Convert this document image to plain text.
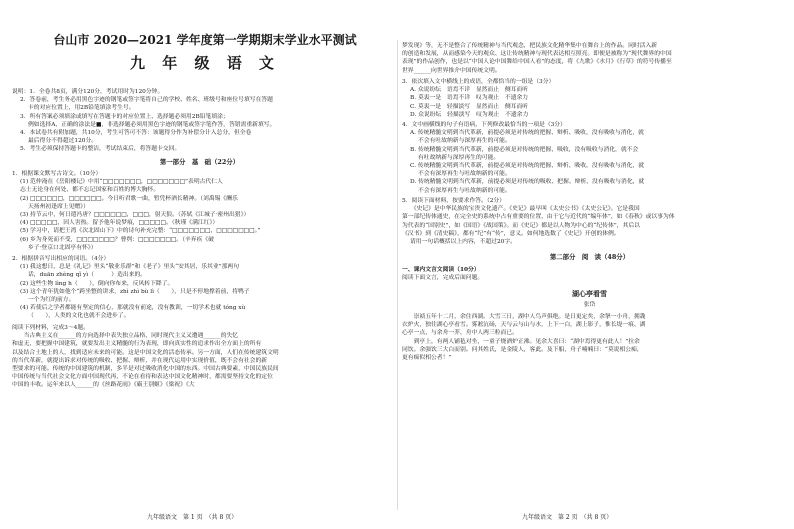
台山市 2020—2021 学年度第一学期期末学业水平测试
九 年 级 语 文
说明：1．全卷共8页，满分120分，考试用时为120分钟。
2．答卷前，考生务必用黑色字迹的钢笔或签字笔将自己的学校、姓名、班级号和座位号填写在答题
卡的对应位置上，用2B铅笔填涂考生号。
3．所有答案必须填涂或填写在答题卡的对应位置上，选择题必须用2B铅笔填涂；
例如选择A，正确的涂法是■，非选择题必须用黑色字迹的钢笔或签字笔作答，答错需重新填写。
4．本试卷共有附加题，共10分，考生可答可不答：该题得分作为补偿分计入总分，但全卷
最后得分不得超过120分。
5．考生必须保持答题卡的整洁，考试结束后，将答题卡交回。
第一部分　基　础（22分）
1．根据课文默写古诗文。（10分）
(1) 范仲淹在《岳阳楼记》中用“□□□□□□□，□□□□□□□”表明古代仁人
志士无论身在何处，都不忘记国家和百姓的博大胸怀。
(2) □□□□□□，□□□□□□。今日听君歌一曲，暂凭杯酒长精神。（刘禹锡《酬乐
天扬州初逢席上见赠》）
(3) 持节云中，何日遣冯唐？□□□□□□，□□□，射天狼。（苏轼《江城子·密州出猎》）
(4) □□□□□，因人害热。留予他年说梦痕，□□□□□。（秋瑾《满江红》）
(5) 学习中，请把王湾《次北固山下》中的诗句补充完整：“□□□□□□□，□□□□□□□。”
(6) 乡为身死而不受，□□□□□□□？曹刿：□□□□□□□。（辛弃疾《破
乡子·登京口北固亭有怀》）
2．根据拼音写出相应的词语。（4分）
(1) 我这想日，总是《礼记》里头“敬业乐群”和《老子》里头“安其居，乐其业”那两句
话，duān zhèng qǐ yì（　　　）造出来的。
(2) 这些生物 lìng h（　　），倒向你布来，反风转下降了。
(3) 这个青年犹如他个“跨坐整的讲求，zhì zhì bù lì（　　），只是不停地撑着前，将鸭子
一个为红的前方。
(4) 若使后之学者都能有坚定的信心，那就没有前途，没有教训，一切学术也就 tóng xù
（　　），人类的文化也就不会进步了。
阅读下列材料，完成3～4题。
　　当古典主义在______的方向选择中表失独立品格，同时现代主义又遭遇______的失忆
和虚无，要把握中国建筑，就要发出主义精髓的行为表现，即向真实性的追求作出全方面上的所有
以及结合土地上的人，找到适应未来的可能。这是中国文化的活态传承。另一方面，人们在传统建筑文明
的当代革新，就提出诉求对传统的吸收、把握、辩析，并在现代运用中实现价值，既不会有社会的新
型要求的可能。传统的中国建筑的机制，多半是对过吸收消化中国的东西。中国古典要素，中国民族民间
中国传统与当代社会文化方面中国现代再，不论在看待和表达中国文化精神时，都需要坚持文化的定位
中国的丰收。运年来以人______的《丝路花雨》《霸王别姬》《梁祝》《大
九年级语文　第 1 页　（共 8 页）
梦发现》等，无不是整合了传统精神与当代观念，把民族文化精华集中在舞台上的作品。同时活入新
的创造和发展，从而感染今天的观众、这让传统精神与现代表达相互照亮。即便是被称为“现代舞界的中国
表现”的作品创作，也是以“中国人论中国舞给中国人看”的态度，将《九歌》《水月》《行草》的符号传播至
世界______向世界推介中国传统文明。
3．依次填入文中横线上的成语，全都恰当的一组是（3分）
A. 众说纷纭　语焉不详　显然而止　侧耳而听
B. 莫衷一是　语焉不详　叹为观止　不遗余力
C. 莫衷一是　轻描淡写　显然而止　侧耳而听
D. 众说纷纭　轻描淡写　叹为观止　不遗余力
4．文中画横线的句子有语病，下列修改最恰当的一项是（3分）
A. 传统精髓文明到当代革新，前提必须是对传统的把握、辩析、吸收，没有吸收与消化，就
不会有吐故纳新与深厚再生的可能。
B. 传统精髓文明到当代革新，前提必须是对传统的把握、吸收，没有吸收与消化，就不会
有吐故纳新与深厚再生的可能。
C. 传统精髓文明到当代革新，前提必须是对传统的把握、辩析、吸收，没有吸收与消化，就
不会有深厚再生与吐故纳新的可能。
D. 传统精髓文明到当代革新，前提必须是对传统的吸收、把握、辩析，没有吸收与消化，就
不会有深厚再生与吐故纳新的可能。
5．阅读下面材料，按要求作答。（2分）
　　《史记》是中华民族的宝贵文化遗产。《史记》最早叫《太史公书》《太史公记》。它是我国
第一部纪传体通史，在完全史的系统中占有重要的位置，由于它与近代的“编年体”，如《春秋》或以事为体
为代表的“国别史”，如《国语》《战国策》。而《史记》都是以人物为中心的“纪传体”，其后以
《汉书》到《清史稿》，都有“纪”有“传”，意义。如何地选数了《史记》开创的体例。
请用一句话概括以上内容，不超过20字。
第二部分　阅　读（48分）
一、课内文言文阅读（10分）
阅读下面文言，完成后面问题。
湖心亭看雪
张岱
　　崇祯五年十二月，余住西湖。大雪三日，湖中人鸟声俱绝。是日更定矣，余拏一小舟，拥毳
衣炉火，独往湖心亭看雪。雾凇沆砀，天与云与山与水，上下一白，湖上影子，惟长堤一痕、湖
心亭一点，与余舟一芥，舟中人两三粒而已。
　　到亭上，有两人铺毡对坐，一童子烧酒炉正沸。见余大喜曰：“湖中焉得更有此人！”拉余
同饮。余强饮三大白而别。问其姓氏，是金陵人，客此。及下船，舟子喃喃曰：“莫说相公痴，
更有痴似相公者！”
九年级语文　第 2 页　（共 8 页）
